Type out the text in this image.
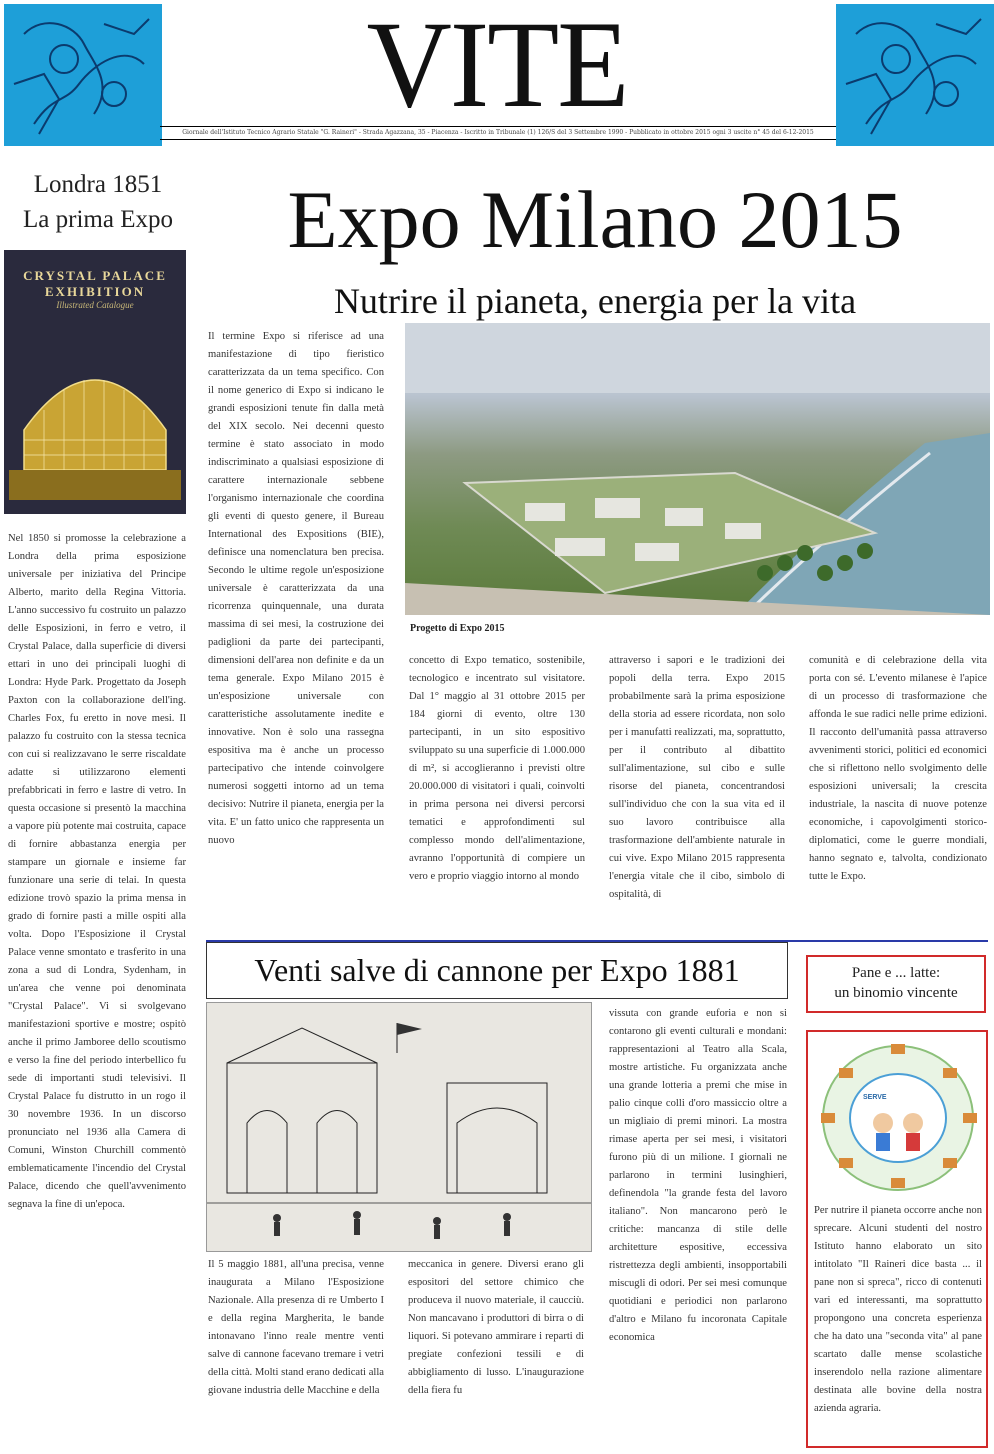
VITE
Giornale dell'Istituto Tecnico Agrario Statale "G. Raineri" - Strada Agazzana, 35 - Piacenza - Iscritto in Tribunale (1) 126/S del 3 Settembre 1990 - Pubblicato in ottobre 2015 ogni 3 uscite n° 45 del 6-12-2015
Londra 1851
La prima Expo
CRYSTAL PALACE
EXHIBITION
Illustrated Catalogue
Nel 1850 si promosse la celebrazione a Londra della prima esposizione universale per iniziativa del Principe Alberto, marito della Regina Vittoria. L'anno successivo fu costruito un palazzo delle Esposizioni, in ferro e vetro, il Crystal Palace, dalla superficie di diversi ettari in uno dei principali luoghi di Londra: Hyde Park. Progettato da Joseph Paxton con la collaborazione dell'ing. Charles Fox, fu eretto in nove mesi. Il palazzo fu costruito con la stessa tecnica con cui si realizzavano le serre riscaldate adatte si utilizzarono elementi prefabbricati in ferro e lastre di vetro. In questa occasione si presentò la macchina a vapore più potente mai costruita, capace di fornire abbastanza energia per stampare un giornale e insieme far funzionare una serie di telai. In questa edizione trovò spazio la prima mensa in grado di fornire pasti a mille ospiti alla volta. Dopo l'Esposizione il Crystal Palace venne smontato e trasferito in una zona a sud di Londra, Sydenham, in un'area che venne poi denominata "Crystal Palace". Vi si svolgevano manifestazioni sportive e mostre; ospitò anche il primo Jamboree dello scoutismo e verso la fine del periodo interbellico fu sede di importanti studi televisivi. Il Crystal Palace fu distrutto in un rogo il 30 novembre 1936. In un discorso pronunciato nel 1936 alla Camera di Comuni, Winston Churchill commentò emblematicamente l'incendio del Crystal Palace, dicendo che quell'avvenimento segnava la fine di un'epoca.
Expo Milano 2015
Nutrire il pianeta, energia per la vita
Il termine Expo si riferisce ad una manifestazione di tipo fieristico caratterizzata da un tema specifico. Con il nome generico di Expo si indicano le grandi esposizioni tenute fin dalla metà del XIX secolo. Nei decenni questo termine è stato associato in modo indiscriminato a qualsiasi esposizione di carattere internazionale sebbene l'organismo internazionale che coordina gli eventi di questo genere, il Bureau International des Expositions (BIE), definisce una nomenclatura ben precisa. Secondo le ultime regole un'esposizione universale è caratterizzata da una ricorrenza quinquennale, una durata massima di sei mesi, la costruzione dei padiglioni da parte dei partecipanti, dimensioni dell'area non definite e da un tema generale. Expo Milano 2015 è un'esposizione universale con caratteristiche assolutamente inedite e innovative. Non è solo una rassegna espositiva ma è anche un processo partecipativo che intende coinvolgere numerosi soggetti intorno ad un tema decisivo: Nutrire il pianeta, energia per la vita. E' un fatto unico che rappresenta un nuovo
Progetto di Expo 2015
concetto di Expo tematico, sostenibile, tecnologico e incentrato sul visitatore. Dal 1° maggio al 31 ottobre 2015 per 184 giorni di evento, oltre 130 partecipanti, in un sito espositivo sviluppato su una superficie di 1.000.000 di m², si accoglieranno i previsti oltre 20.000.000 di visitatori i quali, coinvolti in prima persona nei diversi percorsi tematici e approfondimenti sul complesso mondo dell'alimentazione, avranno l'opportunità di compiere un vero e proprio viaggio intorno al mondo
attraverso i sapori e le tradizioni dei popoli della terra. Expo 2015 probabilmente sarà la prima esposizione della storia ad essere ricordata, non solo per i manufatti realizzati, ma, soprattutto, per il contributo al dibattito sull'alimentazione, sul cibo e sulle risorse del pianeta, concentrandosi sull'individuo che con la sua vita ed il suo lavoro contribuisce alla trasformazione dell'ambiente naturale in cui vive. Expo Milano 2015 rappresenta l'energia vitale che il cibo, simbolo di ospitalità, di
comunità e di celebrazione della vita porta con sé. L'evento milanese è l'apice di un processo di trasformazione che affonda le sue radici nelle prime edizioni. Il racconto dell'umanità passa attraverso avvenimenti storici, politici ed economici che si riflettono nello svolgimento delle esposizioni universali; la crescita industriale, la nascita di nuove potenze economiche, i capovolgimenti storico-diplomatici, come le guerre mondiali, hanno segnato e, talvolta, condizionato tutte le Expo.
Venti salve di cannone per Expo 1881
Il 5 maggio 1881, all'una precisa, venne inaugurata a Milano l'Esposizione Nazionale. Alla presenza di re Umberto I e della regina Margherita, le bande intonavano l'inno reale mentre venti salve di cannone facevano tremare i vetri della città. Molti stand erano dedicati alla giovane industria delle Macchine e della
meccanica in genere. Diversi erano gli espositori del settore chimico che produceva il nuovo materiale, il caucciù. Non mancavano i produttori di birra o di liquori. Si potevano ammirare i reparti di pregiate confezioni tessili e di abbigliamento di lusso. L'inaugurazione della fiera fu
vissuta con grande euforia e non si contarono gli eventi culturali e mondani: rappresentazioni al Teatro alla Scala, mostre artistiche. Fu organizzata anche una grande lotteria a premi che mise in palio cinque colli d'oro massiccio oltre a un migliaio di premi minori. La mostra rimase aperta per sei mesi, i visitatori furono più di un milione. I giornali ne parlarono in termini lusinghieri, definendola "la grande festa del lavoro italiano". Non mancarono però le critiche: mancanza di stile delle architetture espositive, eccessiva ristrettezza degli ambienti, insopportabili miscugli di odori. Per sei mesi comunque quotidiani e periodici non parlarono d'altro e Milano fu incoronata Capitale economica
Pane e ... latte:
un binomio vincente
SERVE
Per nutrire il pianeta occorre anche non sprecare. Alcuni studenti del nostro Istituto hanno elaborato un sito intitolato "Il Raineri dice basta ... il pane non si spreca", ricco di contenuti vari ed interessanti, ma soprattutto propongono una concreta esperienza che ha dato una "seconda vita" al pane scartato dalle mense scolastiche inserendolo nella razione alimentare destinata alle bovine della nostra azienda agraria.
